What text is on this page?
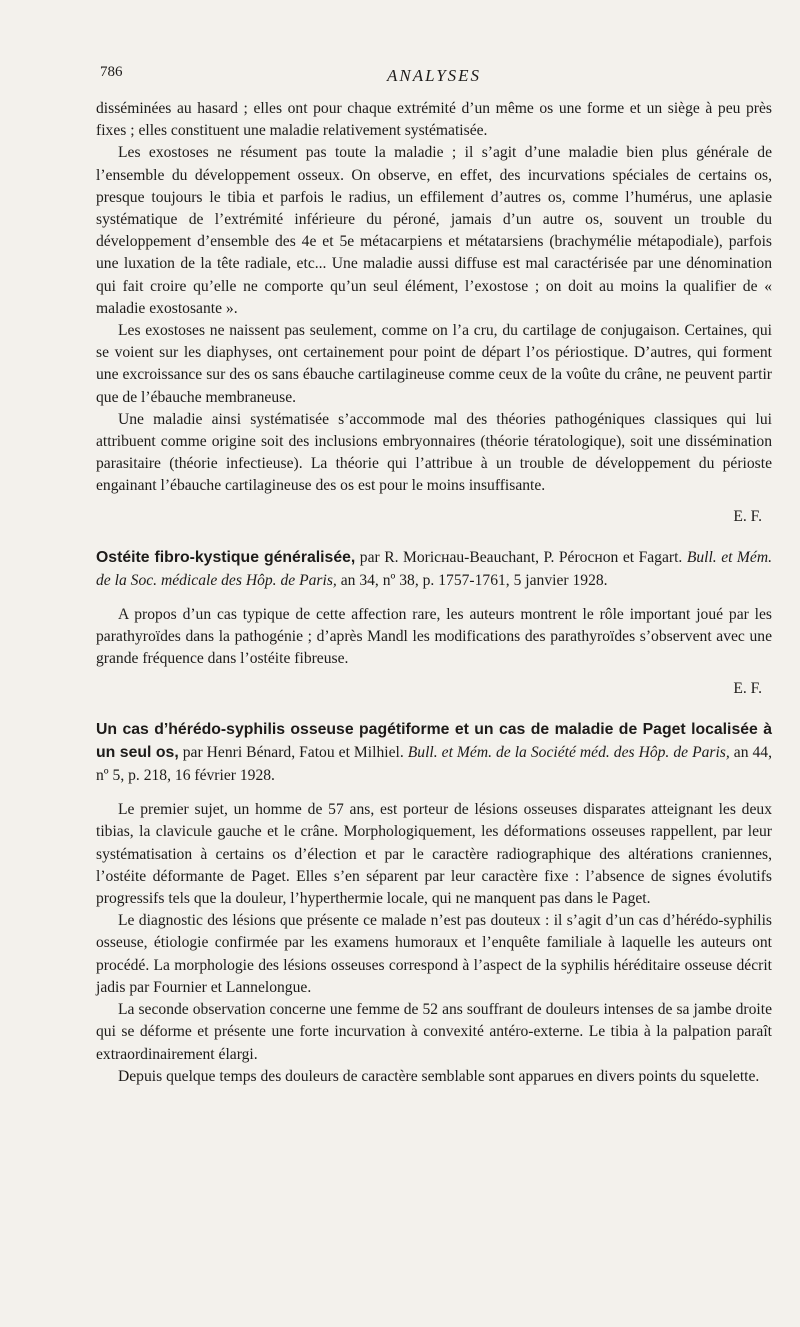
786	ANALYSES

disséminées au hasard ; elles ont pour chaque extrémité d’un même os une forme et un siège à peu près fixes ; elles constituent une maladie relativement systématisée.

Les exostoses ne résument pas toute la maladie ; il s’agit d’une maladie bien plus générale de l’ensemble du développement osseux. On observe, en effet, des incurvations spéciales de certains os, presque toujours le tibia et parfois le radius, un effilement d’autres os, comme l’humérus, une aplasie systématique de l’extrémité inférieure du péroné, jamais d’un autre os, souvent un trouble du développement d’ensemble des 4e et 5e métacarpiens et métatarsiens (brachymélie métapodiale), parfois une luxation de la tête radiale, etc... Une maladie aussi diffuse est mal caractérisée par une dénomination qui fait croire qu’elle ne comporte qu’un seul élément, l’exostose ; on doit au moins la qualifier de « maladie exostosante ».

Les exostoses ne naissent pas seulement, comme on l’a cru, du cartilage de conjugaison. Certaines, qui se voient sur les diaphyses, ont certainement pour point de départ l’os périostique. D’autres, qui forment une excroissance sur des os sans ébauche cartilagineuse comme ceux de la voûte du crâne, ne peuvent partir que de l’ébauche membraneuse.

Une maladie ainsi systématisée s’accommode mal des théories pathogéniques classiques qui lui attribuent comme origine soit des inclusions embryonnaires (théorie tératologique), soit une dissémination parasitaire (théorie infectieuse). La théorie qui l’attribue à un trouble de développement du périoste engainant l’ébauche cartilagineuse des os est pour le moins insuffisante.

E. F.
Ostéite fibro-kystique généralisée, par R. Moricнau-Beauchant, P. Pérocнon et Fagart. Bull. et Mém. de la Soc. médicale des Hôp. de Paris, an 34, nº 38, p. 1757-1761, 5 janvier 1928.

A propos d’un cas typique de cette affection rare, les auteurs montrent le rôle important joué par les parathyroïdes dans la pathogénie ; d’après Mandl les modifications des parathyroïdes s’observent avec une grande fréquence dans l’ostéite fibreuse.

E. F.
Un cas d’hérédo-syphilis osseuse pagétiforme et un cas de maladie de Paget localisée à un seul os, par Henri Bénard, Fatou et Milhiel. Bull. et Mém. de la Société méd. des Hôp. de Paris, an 44, nº 5, p. 218, 16 février 1928.

Le premier sujet, un homme de 57 ans, est porteur de lésions osseuses disparates atteignant les deux tibias, la clavicule gauche et le crâne. Morphologiquement, les déformations osseuses rappellent, par leur systématisation à certains os d’élection et par le caractère radiographique des altérations craniennes, l’ostéite déformante de Paget. Elles s’en séparent par leur caractère fixe : l’absence de signes évolutifs progressifs tels que la douleur, l’hyperthermie locale, qui ne manquent pas dans le Paget.

Le diagnostic des lésions que présente ce malade n’est pas douteux : il s’agit d’un cas d’hérédo-syphilis osseuse, étiologie confirmée par les examens humoraux et l’enquête familiale à laquelle les auteurs ont procédé. La morphologie des lésions osseuses correspond à l’aspect de la syphilis héréditaire osseuse décrit jadis par Fournier et Lannelongue.

La seconde observation concerne une femme de 52 ans souffrant de douleurs intenses de sa jambe droite qui se déforme et présente une forte incurvation à convexité antéro-externe. Le tibia à la palpation paraît extraordinairement élargi.

Depuis quelque temps des douleurs de caractère semblable sont apparues en divers points du squelette.
